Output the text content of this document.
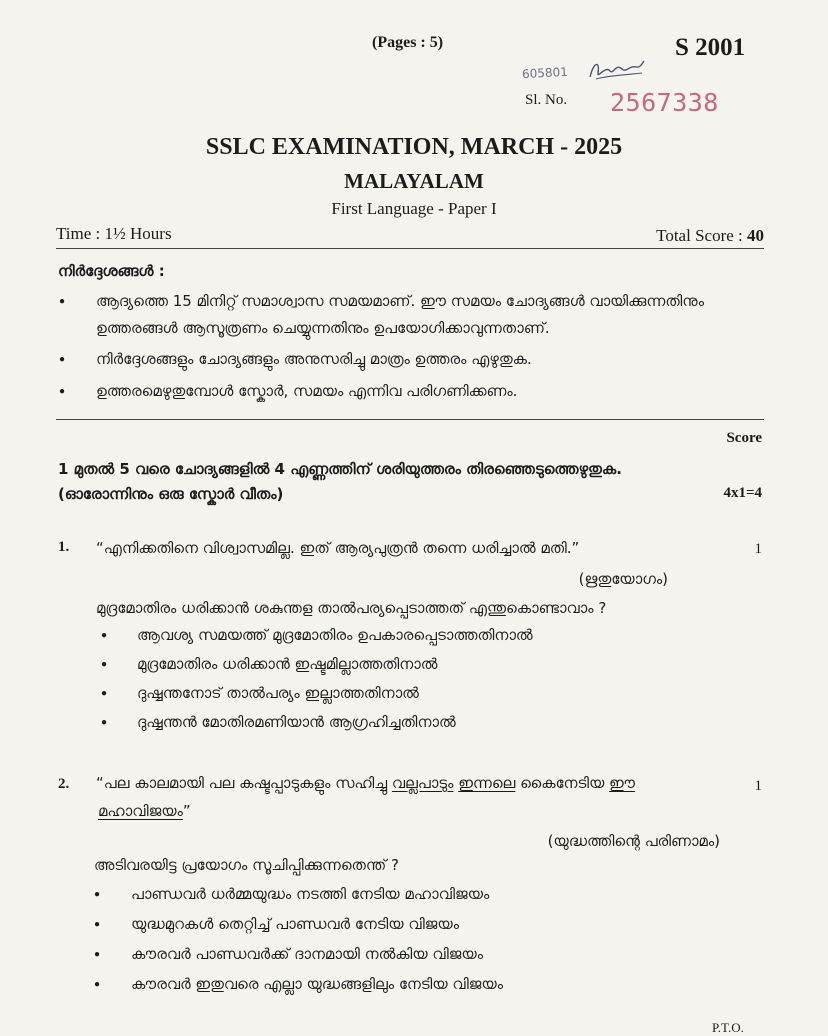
(Pages : 5)	S 2001
605801
Sl. No. 2567338
SSLC EXAMINATION, MARCH - 2025
MALAYALAM
First Language - Paper I
Time : 1½ Hours	Total Score : 40
നിർദ്ദേശങ്ങൾ :
• ആദ്യത്തെ 15 മിനിറ്റ് സമാശ്വാസ സമയമാണ്. ഈ സമയം ചോദ്യങ്ങൾ വായിക്കുന്നതിനും
ഉത്തരങ്ങൾ ആസൂത്രണം ചെയ്യുന്നതിനും ഉപയോഗിക്കാവുന്നതാണ്.
• നിർദ്ദേശങ്ങളും ചോദ്യങ്ങളും അനുസരിച്ചു മാത്രം ഉത്തരം എഴുതുക.
• ഉത്തരമെഴുതുമ്പോൾ സ്കോർ, സമയം എന്നിവ പരിഗണിക്കണം.
Score
1 മുതൽ 5 വരെ ചോദ്യങ്ങളിൽ 4 എണ്ണത്തിന് ശരിയുത്തരം തിരഞ്ഞെടുത്തെഴുതുക.
(ഓരോന്നിനും ഒരു സ്കോർ വീതം)	4x1=4
1. “എനിക്കതിനെ വിശ്വാസമില്ല. ഇത് ആര്യപുത്രൻ തന്നെ ധരിച്ചാൽ മതി.”	1
(ഋതുയോഗം)
മുദ്രമോതിരം ധരിക്കാൻ ശകുന്തള താൽപര്യപ്പെടാത്തത് എന്തുകൊണ്ടാവാം ?
• ആവശ്യ സമയത്ത് മുദ്രമോതിരം ഉപകാരപ്പെടാത്തതിനാൽ
• മുദ്രമോതിരം ധരിക്കാൻ ഇഷ്ടമില്ലാത്തതിനാൽ
• ദുഷ്ഷന്തനോട് താൽപര്യം ഇല്ലാത്തതിനാൽ
• ദുഷ്ഷന്തൻ മോതിരമണിയാൻ ആഗ്രഹിച്ചതിനാൽ
2. “പല കാലമായി പല കഷ്ടപ്പാടുകളും സഹിച്ചു വല്ലപാടും ഇന്നലെ കൈനേടിയ ഈ	1
മഹാവിജയം”
(യുദ്ധത്തിന്റെ പരിണാമം)
അടിവരയിട്ട പ്രയോഗം സൂചിപ്പിക്കുന്നതെന്ത് ?
• പാണ്ഡവർ ധർമ്മയുദ്ധം നടത്തി നേടിയ മഹാവിജയം
• യുദ്ധമുറകൾ തെറ്റിച്ച് പാണ്ഡവർ നേടിയ വിജയം
• കൗരവർ പാണ്ഡവർക്ക് ദാനമായി നൽകിയ വിജയം
• കൗരവർ ഇതുവരെ എല്ലാ യുദ്ധങ്ങളിലും നേടിയ വിജയം
P.T.O.
